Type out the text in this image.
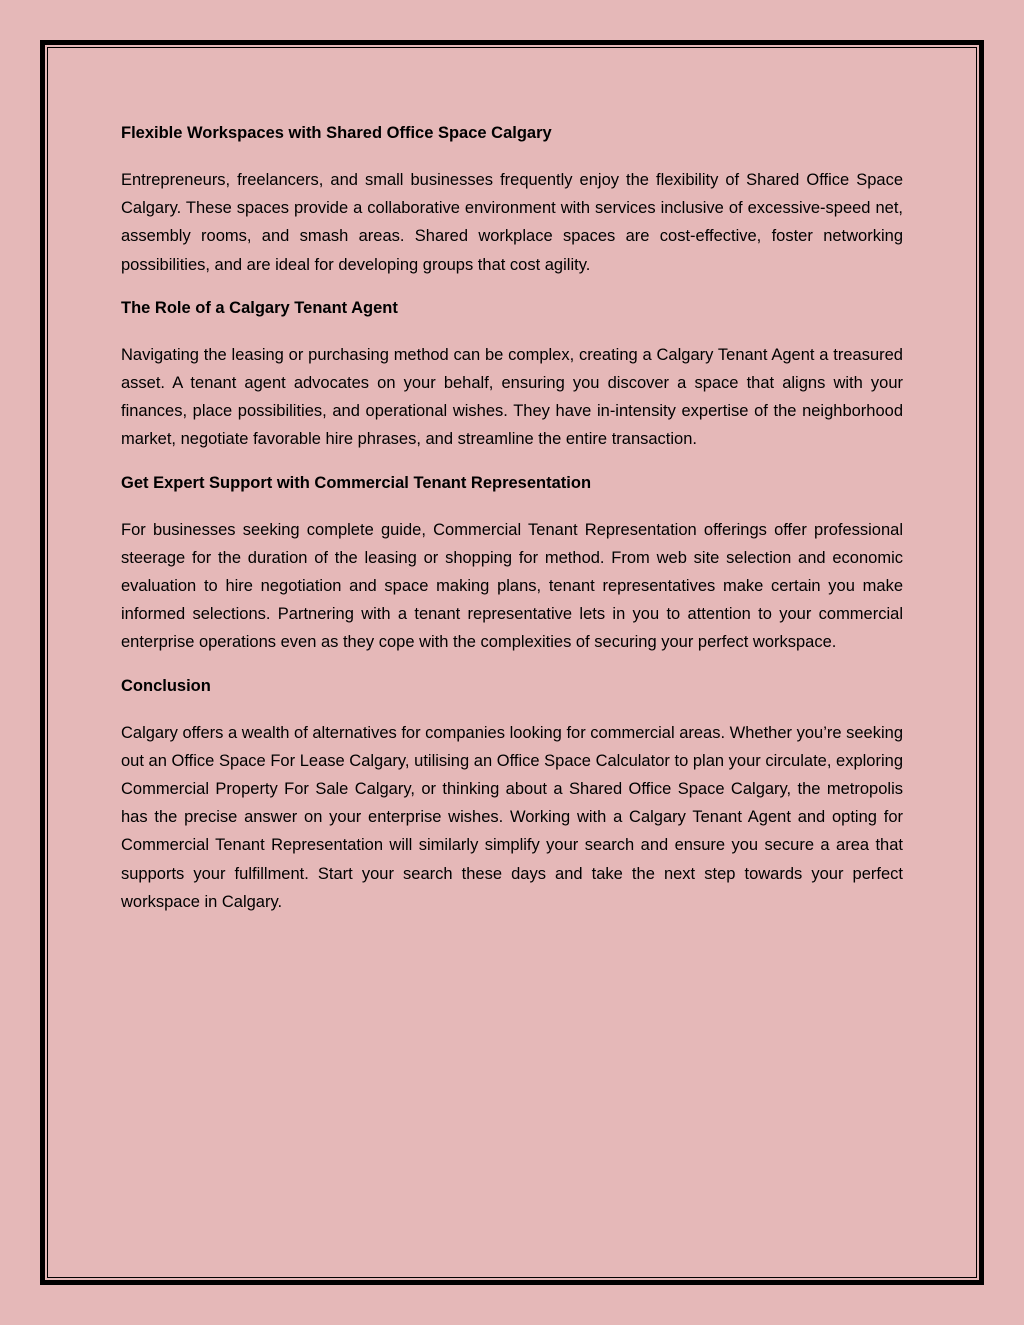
Flexible Workspaces with Shared Office Space Calgary

Entrepreneurs, freelancers, and small businesses frequently enjoy the flexibility of Shared Office Space Calgary. These spaces provide a collaborative environment with services inclusive of excessive-speed net, assembly rooms, and smash areas. Shared workplace spaces are cost-effective, foster networking possibilities, and are ideal for developing groups that cost agility.

The Role of a Calgary Tenant Agent

Navigating the leasing or purchasing method can be complex, creating a Calgary Tenant Agent a treasured asset. A tenant agent advocates on your behalf, ensuring you discover a space that aligns with your finances, place possibilities, and operational wishes. They have in-intensity expertise of the neighborhood market, negotiate favorable hire phrases, and streamline the entire transaction.

Get Expert Support with Commercial Tenant Representation

For businesses seeking complete guide, Commercial Tenant Representation offerings offer professional steerage for the duration of the leasing or shopping for method. From web site selection and economic evaluation to hire negotiation and space making plans, tenant representatives make certain you make informed selections. Partnering with a tenant representative lets in you to attention to your commercial enterprise operations even as they cope with the complexities of securing your perfect workspace.

Conclusion

Calgary offers a wealth of alternatives for companies looking for commercial areas. Whether you’re seeking out an Office Space For Lease Calgary, utilising an Office Space Calculator to plan your circulate, exploring Commercial Property For Sale Calgary, or thinking about a Shared Office Space Calgary, the metropolis has the precise answer on your enterprise wishes. Working with a Calgary Tenant Agent and opting for Commercial Tenant Representation will similarly simplify your search and ensure you secure a area that supports your fulfillment. Start your search these days and take the next step towards your perfect workspace in Calgary.
